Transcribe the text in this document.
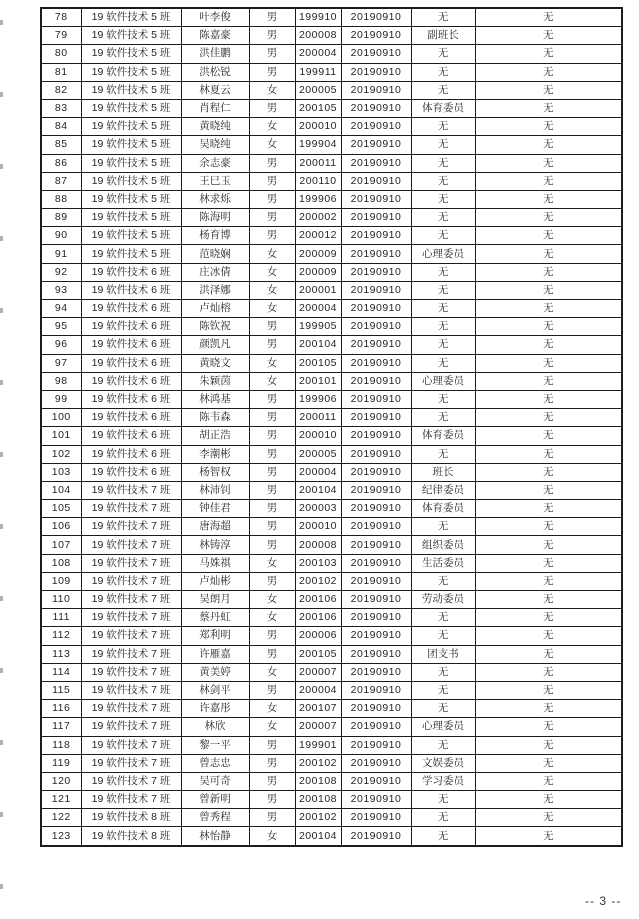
78	19 软件技术 5 班	叶李俊	男	199910	20190910	无	无
79	19 软件技术 5 班	陈嘉豪	男	200008	20190910	副班长	无
80	19 软件技术 5 班	洪佳鹏	男	200004	20190910	无	无
81	19 软件技术 5 班	洪松锐	男	199911	20190910	无	无
82	19 软件技术 5 班	林夏云	女	200005	20190910	无	无
83	19 软件技术 5 班	肖程仁	男	200105	20190910	体育委员	无
84	19 软件技术 5 班	黄晓纯	女	200010	20190910	无	无
85	19 软件技术 5 班	吴晓纯	女	199904	20190910	无	无
86	19 软件技术 5 班	余志豪	男	200011	20190910	无	无
87	19 软件技术 5 班	王巳玉	男	200110	20190910	无	无
88	19 软件技术 5 班	林求烁	男	199906	20190910	无	无
89	19 软件技术 5 班	陈海明	男	200002	20190910	无	无
90	19 软件技术 5 班	杨育博	男	200012	20190910	无	无
91	19 软件技术 5 班	范晓娴	女	200009	20190910	心理委员	无
92	19 软件技术 6 班	庄冰倩	女	200009	20190910	无	无
93	19 软件技术 6 班	洪泽娜	女	200001	20190910	无	无
94	19 软件技术 6 班	卢灿榕	女	200004	20190910	无	无
95	19 软件技术 6 班	陈钦祝	男	199905	20190910	无	无
96	19 软件技术 6 班	颜凯凡	男	200104	20190910	无	无
97	19 软件技术 6 班	黄晓文	女	200105	20190910	无	无
98	19 软件技术 6 班	朱颖茵	女	200101	20190910	心理委员	无
99	19 软件技术 6 班	林鸿基	男	199906	20190910	无	无
100	19 软件技术 6 班	陈韦森	男	200011	20190910	无	无
101	19 软件技术 6 班	胡正浩	男	200010	20190910	体育委员	无
102	19 软件技术 6 班	李潮彬	男	200005	20190910	无	无
103	19 软件技术 6 班	杨智权	男	200004	20190910	班长	无
104	19 软件技术 7 班	林沛钊	男	200104	20190910	纪律委员	无
105	19 软件技术 7 班	钟佳君	男	200003	20190910	体育委员	无
106	19 软件技术 7 班	唐海超	男	200010	20190910	无	无
107	19 软件技术 7 班	林铸淳	男	200008	20190910	组织委员	无
108	19 软件技术 7 班	马姝祺	女	200103	20190910	生活委员	无
109	19 软件技术 7 班	卢灿彬	男	200102	20190910	无	无
110	19 软件技术 7 班	吴朗月	女	200106	20190910	劳动委员	无
111	19 软件技术 7 班	蔡丹虹	女	200106	20190910	无	无
112	19 软件技术 7 班	郑利明	男	200006	20190910	无	无
113	19 软件技术 7 班	许雁嘉	男	200105	20190910	团支书	无
114	19 软件技术 7 班	黄美婷	女	200007	20190910	无	无
115	19 软件技术 7 班	林剑平	男	200004	20190910	无	无
116	19 软件技术 7 班	许嘉彤	女	200107	20190910	无	无
117	19 软件技术 7 班	林欣	女	200007	20190910	心理委员	无
118	19 软件技术 7 班	黎一平	男	199901	20190910	无	无
119	19 软件技术 7 班	曾志忠	男	200102	20190910	文娱委员	无
120	19 软件技术 7 班	吴可奇	男	200108	20190910	学习委员	无
121	19 软件技术 7 班	曾新明	男	200108	20190910	无	无
122	19 软件技术 8 班	曾秀程	男	200102	20190910	无	无
123	19 软件技术 8 班	林怡静	女	200104	20190910	无	无
-- 3 --
